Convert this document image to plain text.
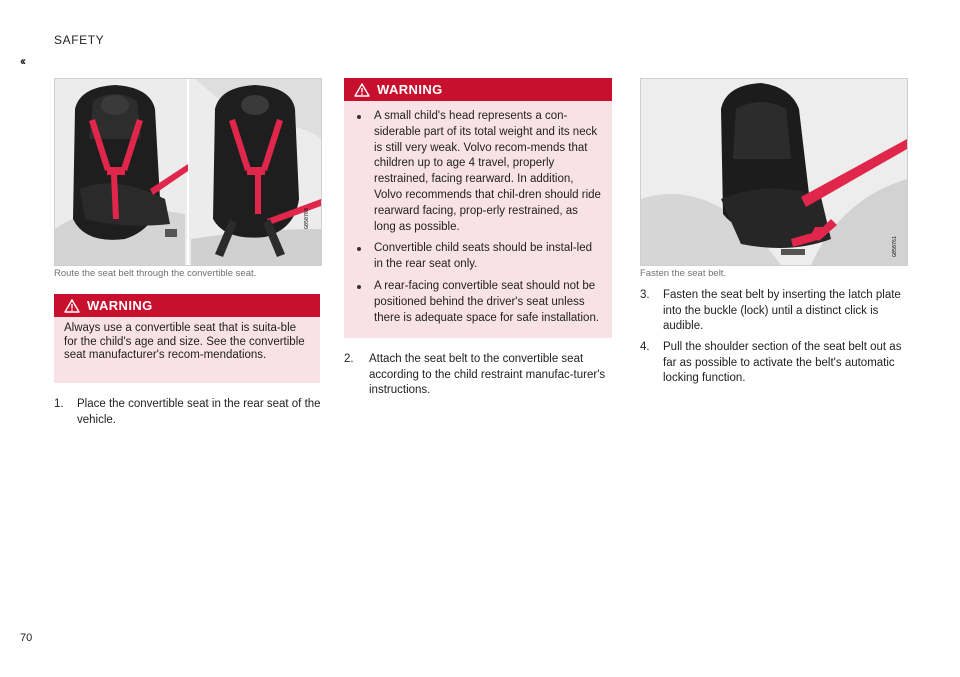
SAFETY
‹‹
G050760
Route the seat belt through the convertible seat.
WARNING
Always use a convertible seat that is suita-ble for the child's age and size. See the convertible seat manufacturer's recom-mendations.
1.	Place the convertible seat in the rear seat of the vehicle.
WARNING
A small child's head represents a con-siderable part of its total weight and its neck is still very weak. Volvo recom-mends that children up to age 4 travel, properly restrained, facing rearward. In addition, Volvo recommends that chil-dren should ride rearward facing, prop-erly restrained, as long as possible.
Convertible child seats should be instal-led in the rear seat only.
A rear-facing convertible seat should not be positioned behind the driver's seat unless there is adequate space for safe installation.
2.	Attach the seat belt to the convertible seat according to the child restraint manufac-turer's instructions.
G050761
Fasten the seat belt.
3.	Fasten the seat belt by inserting the latch plate into the buckle (lock) until a distinct click is audible.
4.	Pull the shoulder section of the seat belt out as far as possible to activate the belt's automatic locking function.
70
